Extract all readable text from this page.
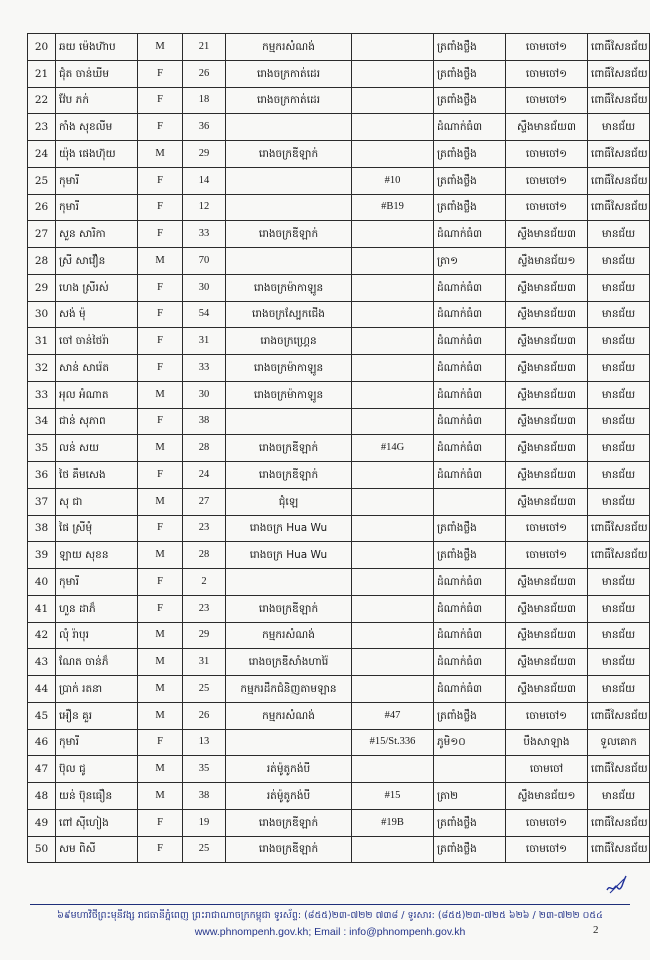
20	ឆយ ម៉េងហ៊ាប	M	21	កម្មករសំណង់		ត្រពាំងថ្លឹង	ចោមចៅ១	ពោធិ៍សែនជ័យ
21	ជុំត ចាន់ឃីម	F	26	រោងចក្រកាត់ដេរ		ត្រពាំងថ្លឹង	ចោមចៅ១	ពោធិ៍សែនជ័យ
22	វ៉ែប ភក់	F	18	រោងចក្រកាត់ដេរ		ត្រពាំងថ្លឹង	ចោមចៅ១	ពោធិ៍សែនជ័យ
23	កាំង សុខលីម	F	36			ដំណាក់ធំ៣	ស្ទឹងមានជ័យ៣	មានជ័យ
24	យ៉ុង ផេងហ៊ុយ	M	29	រោងចក្រឌីឡាក់		ត្រពាំងថ្លឹង	ចោមចៅ១	ពោធិ៍សែនជ័យ
25	កុមារី	F	14		#10	ត្រពាំងថ្លឹង	ចោមចៅ១	ពោធិ៍សែនជ័យ
26	កុមារី	F	12		#B19	ត្រពាំងថ្លឹង	ចោមចៅ១	ពោធិ៍សែនជ័យ
27	សួន សារិកា	F	33	រោងចក្រឌីឡាក់		ដំណាក់ធំ៣	ស្ទឹងមានជ័យ៣	មានជ័យ
28	ស្រី សាវឿន	M	70			ត្រា១	ស្ទឹងមានជ័យ១	មានជ័យ
29	ហេង ស្រីរស់	F	30	រោងចក្រម៉ាកាឡូន		ដំណាក់ធំ៣	ស្ទឹងមានជ័យ៣	មានជ័យ
30	សង់ ម៉ុ	F	54	រោងចក្រស្បែកជើង		ដំណាក់ធំ៣	ស្ទឹងមានជ័យ៣	មានជ័យ
31	ចៅ ចាន់ថៃរ៉ា	F	31	រោងចក្រហ្គ្រេន		ដំណាក់ធំ៣	ស្ទឹងមានជ័យ៣	មានជ័យ
32	សាន់ សារ៉េត	F	33	រោងចក្រម៉ាកាឡូន		ដំណាក់ធំ៣	ស្ទឹងមានជ័យ៣	មានជ័យ
33	អុល អំណាត	M	30	រោងចក្រម៉ាកាឡូន		ដំណាក់ធំ៣	ស្ទឹងមានជ័យ៣	មានជ័យ
34	ជាន់ សុភាព	F	38			ដំណាក់ធំ៣	ស្ទឹងមានជ័យ៣	មានជ័យ
35	លន់ សយ	M	28	រោងចក្រឌីឡាក់	#14G	ដំណាក់ធំ៣	ស្ទឹងមានជ័យ៣	មានជ័យ
36	ថៃ គឹមសេង	F	24	រោងចក្រឌីឡាក់		ដំណាក់ធំ៣	ស្ទឹងមានជ័យ៣	មានជ័យ
37	សុ ជា	M	27	ជុំឡេ			ស្ទឹងមានជ័យ៣	មានជ័យ
38	ផៃ ស្រីមុំ	F	23	រោងចក្រ Hua Wu		ត្រពាំងថ្លឹង	ចោមចៅ១	ពោធិ៍សែនជ័យ
39	ឡាយ សុខន	M	28	រោងចក្រ Hua Wu		ត្រពាំងថ្លឹង	ចោមចៅ១	ពោធិ៍សែនជ័យ
40	កុមារី	F	2			ដំណាក់ធំ៣	ស្ទឹងមានជ័យ៣	មានជ័យ
41	ហួន ដាភ៏	F	23	រោងចក្រឌីឡាក់		ដំណាក់ធំ៣	ស្ទឹងមានជ័យ៣	មានជ័យ
42	លុំ រ៉ាបុរ	M	29	កម្មករសំណង់		ដំណាក់ធំ៣	ស្ទឹងមានជ័យ៣	មានជ័យ
43	ណែត ចាន់ភ៏	M	31	រោងចក្រឌីសាំងហារ៉ៃ		ដំណាក់ធំ៣	ស្ទឹងមានជ័យ៣	មានជ័យ
44	ប្រាក់ រតនា	M	25	កម្មករដឹកជំនិញតាមឡាន		ដំណាក់ធំ៣	ស្ទឹងមានជ័យ៣	មានជ័យ
45	អឿន គួរ	M	26	កម្មករសំណង់	#47	ត្រពាំងថ្លឹង	ចោមចៅ១	ពោធិ៍សែនជ័យ
46	កុមារី	F	13		#15/St.336	ភូមិ១០	បឹងសាឡាង	ទួលគោក
47	ប៊ុល ជូ	M	35	រត់ម៉ូតូកង់បី			ចោមចៅ	ពោធិ៍សែនជ័យ
48	យន់ ប៊ុនធឿន	M	38	រត់ម៉ូតូកង់បី	#15	ត្រា២	ស្ទឹងមានជ័យ១	មានជ័យ
49	ពៅ ស៊ីហៀង	F	19	រោងចក្រឌីឡាក់	#19B	ត្រពាំងថ្លឹង	ចោមចៅ១	ពោធិ៍សែនជ័យ
50	សម ពិសី	F	25	រោងចក្រឌីឡាក់		ត្រពាំងថ្លឹង	ចោមចៅ១	ពោធិ៍សែនជ័យ
៦៩មហាវិថីព្រះមុនីវង្ស រាជធានីភ្នំពេញ ព្រះរាជាណាចក្រកម្ពុជា ទូរស័ព្ទ: (៨៥៥)២៣-៧២២ ៧៣៨ / ទូរសារ: (៨៥៥)២៣-៧២៥ ៦២៦ / ២៣-៧២២ ០៥៤
www.phnompenh.gov.kh; Email : info@phnompenh.gov.kh	2
